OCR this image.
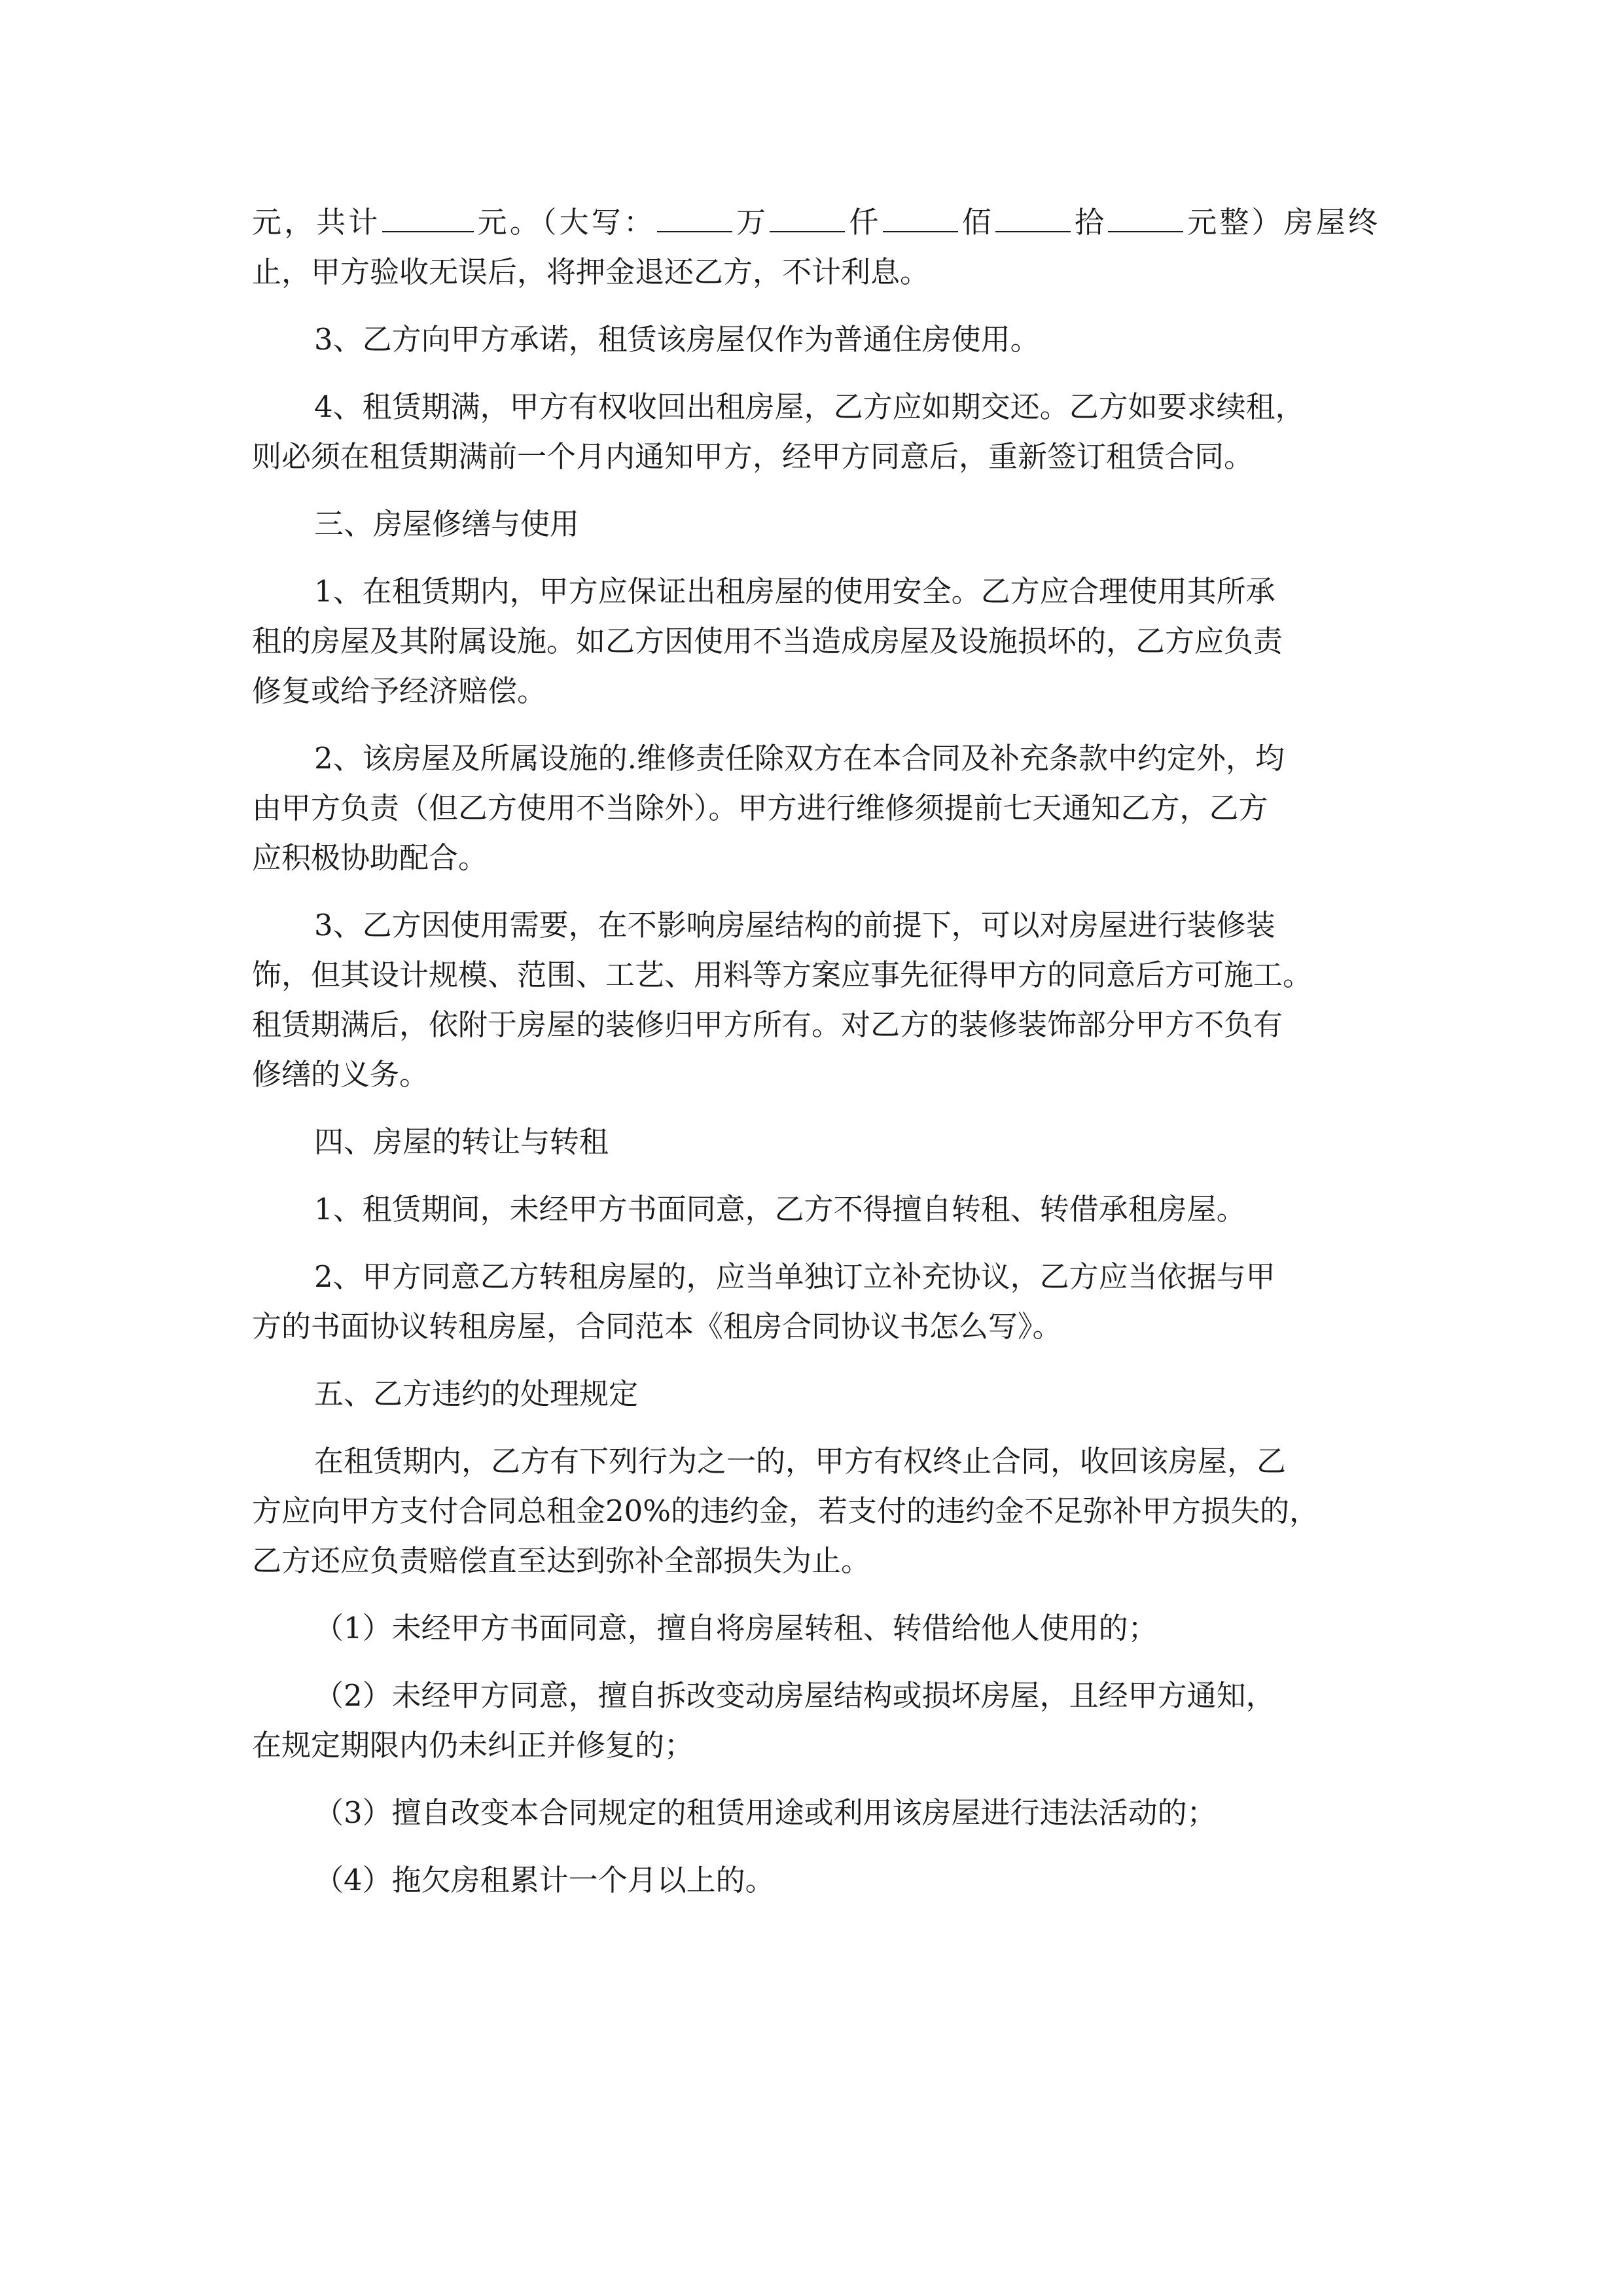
元，共计	元。（大写：	万	仟	佰	拾	元整）房屋终
止，甲方验收无误后，将押金退还乙方，不计利息。
3、乙方向甲方承诺，租赁该房屋仅作为普通住房使用。
4、租赁期满，甲方有权收回出租房屋，乙方应如期交还。乙方如要求续租，
则必须在租赁期满前一个月内通知甲方，经甲方同意后，重新签订租赁合同。
三、房屋修缮与使用
1、在租赁期内，甲方应保证出租房屋的使用安全。乙方应合理使用其所承
租的房屋及其附属设施。如乙方因使用不当造成房屋及设施损坏的，乙方应负责
修复或给予经济赔偿。
2、该房屋及所属设施的.维修责任除双方在本合同及补充条款中约定外，均
由甲方负责（但乙方使用不当除外）。甲方进行维修须提前七天通知乙方，乙方
应积极协助配合。
3、乙方因使用需要，在不影响房屋结构的前提下，可以对房屋进行装修装
饰，但其设计规模、范围、工艺、用料等方案应事先征得甲方的同意后方可施工。
租赁期满后，依附于房屋的装修归甲方所有。对乙方的装修装饰部分甲方不负有
修缮的义务。
四、房屋的转让与转租
1、租赁期间，未经甲方书面同意，乙方不得擅自转租、转借承租房屋。
2、甲方同意乙方转租房屋的，应当单独订立补充协议，乙方应当依据与甲
方的书面协议转租房屋，合同范本《租房合同协议书怎么写》。
五、乙方违约的处理规定
在租赁期内，乙方有下列行为之一的，甲方有权终止合同，收回该房屋，乙
方应向甲方支付合同总租金20%的违约金，若支付的违约金不足弥补甲方损失的，
乙方还应负责赔偿直至达到弥补全部损失为止。
（1）未经甲方书面同意，擅自将房屋转租、转借给他人使用的；
（2）未经甲方同意，擅自拆改变动房屋结构或损坏房屋，且经甲方通知，
在规定期限内仍未纠正并修复的；
（3）擅自改变本合同规定的租赁用途或利用该房屋进行违法活动的；
（4）拖欠房租累计一个月以上的。
